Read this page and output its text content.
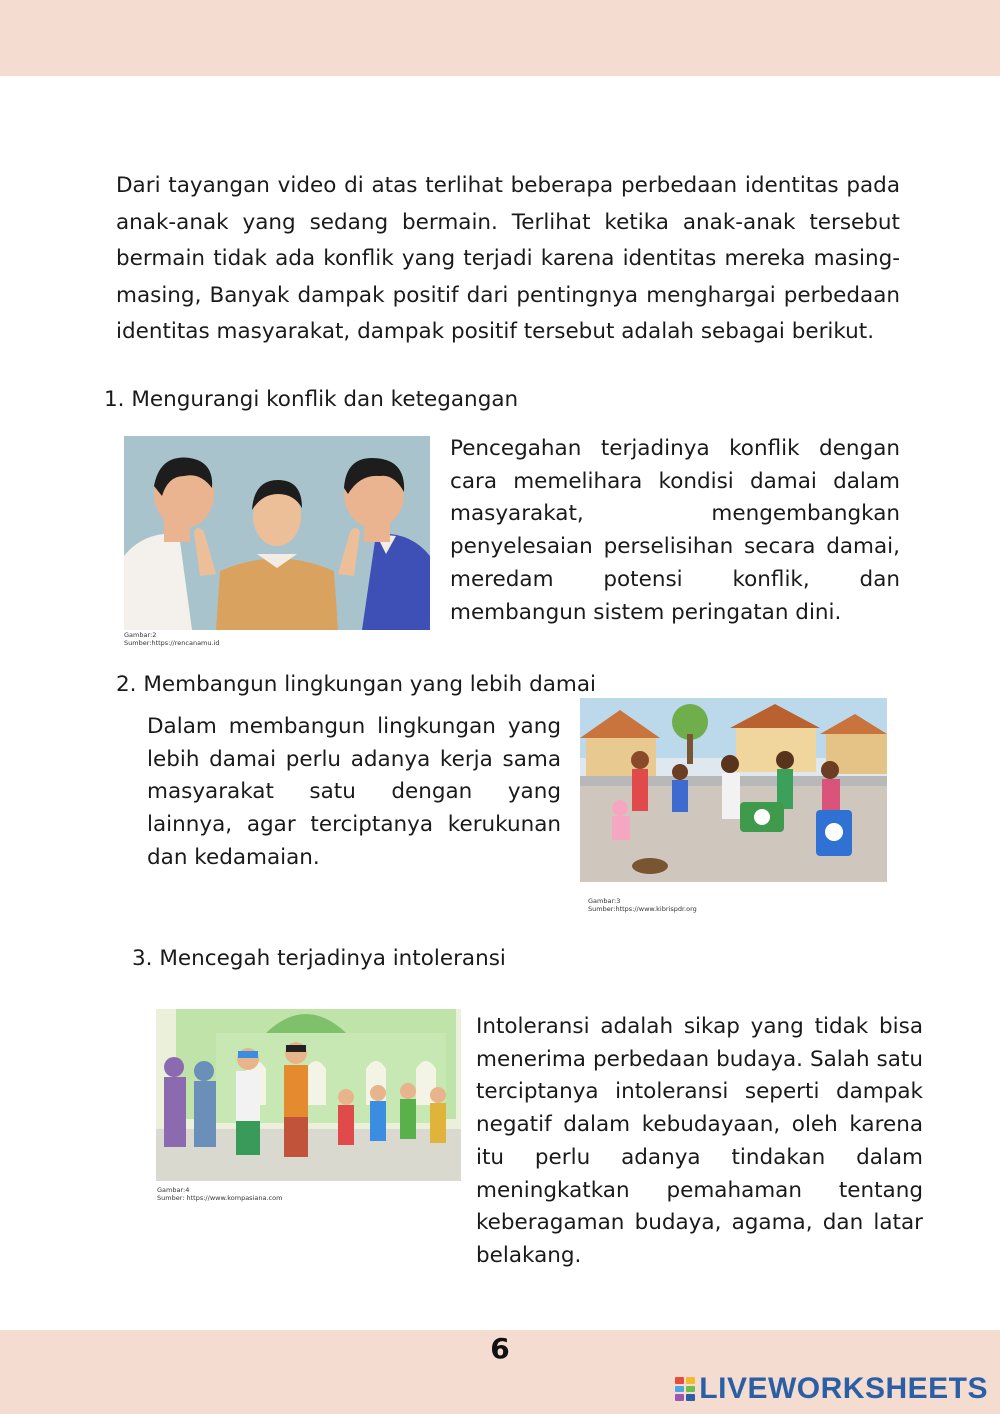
Dari tayangan video di atas terlihat beberapa perbedaan identitas pada anak-anak yang sedang bermain. Terlihat ketika anak-anak tersebut bermain tidak ada konflik yang terjadi karena identitas mereka masing-masing, Banyak dampak positif dari pentingnya menghargai perbedaan identitas masyarakat, dampak positif tersebut adalah sebagai berikut.
1. Mengurangi konflik dan ketegangan
Gambar:2
Sumber:https://rencanamu.id
Pencegahan terjadinya konflik dengan cara memelihara kondisi damai dalam masyarakat, mengembangkan penyelesaian perselisihan secara damai, meredam potensi konflik, dan membangun sistem peringatan dini.
2. Membangun lingkungan yang lebih damai
Dalam membangun lingkungan yang lebih damai perlu adanya kerja sama masyarakat satu dengan yang lainnya, agar terciptanya kerukunan dan kedamaian.
Gambar:3
Sumber:https://www.kibrispdr.org
3. Mencegah terjadinya intoleransi
Gambar:4
Sumber: https://www.kompasiana.com
Intoleransi adalah sikap yang tidak bisa menerima perbedaan budaya. Salah satu terciptanya intoleransi seperti dampak negatif dalam kebudayaan, oleh karena itu perlu adanya tindakan dalam meningkatkan pemahaman tentang keberagaman budaya, agama, dan latar belakang.
6
LIVEWORKSHEETS
